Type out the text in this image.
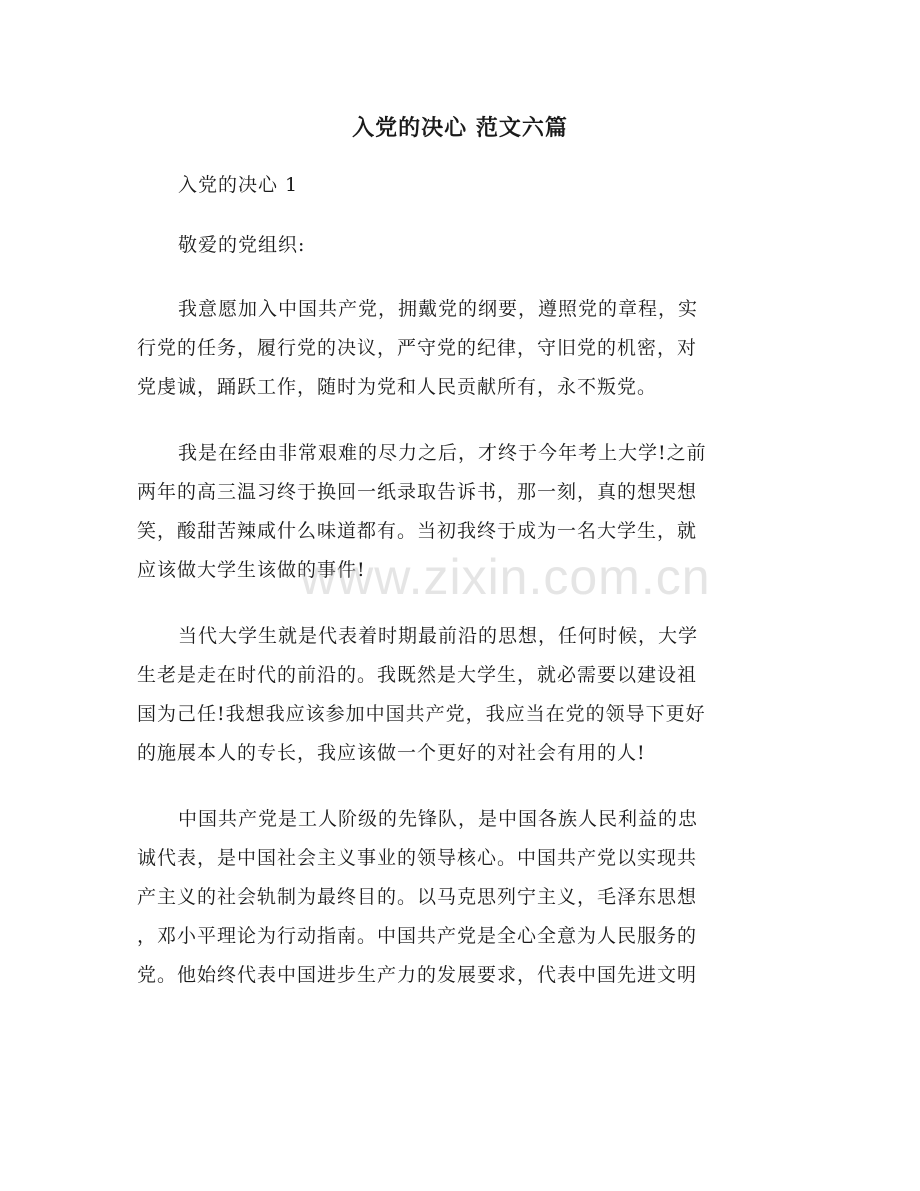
入党的决心 范文六篇
入党的决心 1
敬爱的党组织:
我意愿加入中国共产党，拥戴党的纲要，遵照党的章程，实
行党的任务，履行党的决议，严守党的纪律，守旧党的机密，对
党虔诚，踊跃工作，随时为党和人民贡献所有，永不叛党。
我是在经由非常艰难的尽力之后，才终于今年考上大学!之前
两年的高三温习终于换回一纸录取告诉书，那一刻，真的想哭想
笑，酸甜苦辣咸什么味道都有。当初我终于成为一名大学生，就
应该做大学生该做的事件!
当代大学生就是代表着时期最前沿的思想，任何时候，大学
生老是走在时代的前沿的。我既然是大学生，就必需要以建设祖
国为己任!我想我应该参加中国共产党，我应当在党的领导下更好
的施展本人的专长，我应该做一个更好的对社会有用的人!
中国共产党是工人阶级的先锋队，是中国各族人民利益的忠
诚代表，是中国社会主义事业的领导核心。中国共产党以实现共
产主义的社会轨制为最终目的。以马克思列宁主义，毛泽东思想
，邓小平理论为行动指南。中国共产党是全心全意为人民服务的
党。他始终代表中国进步生产力的发展要求，代表中国先进文明
www.zixin.com.cn
